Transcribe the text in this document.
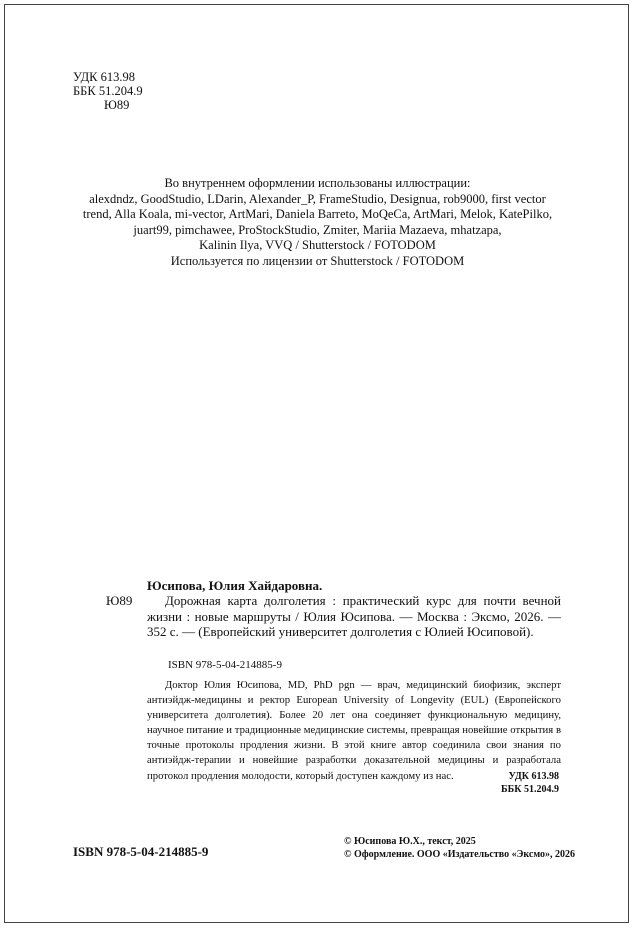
УДК 613.98
ББК 51.204.9
Ю89
Во внутреннем оформлении использованы иллюстрации:
alexdndz, GoodStudio, LDarin, Alexander_P, FrameStudio, Designua, rob9000, first vector
trend, Alla Koala, mi-vector, ArtMari, Daniela Barreto, MoQeCa, ArtMari, Melok, KatePilko,
juart99, pimchawee, ProStockStudio, Zmiter, Mariia Mazaeva, mhatzapa,
Kalinin Ilya, VVQ / Shutterstock / FOTODOM
Используется по лицензии от Shutterstock / FOTODOM
Юсипова, Юлия Хайдаровна.
Ю89	Дорожная карта долголетия : практический курс для почти вечной жизни : новые маршруты / Юлия Юсипова. — Москва : Эксмо, 2026. — 352 с. — (Европейский университет долголетия с Юлией Юсиповой).
ISBN 978-5-04-214885-9
Доктор Юлия Юсипова, MD, PhD pgn — врач, медицинский биофизик, эксперт антиэйдж-медицины и ректор European University of Longevity (EUL) (Европейского университета долголетия). Более 20 лет она соединяет функциональную медицину, научное питание и традиционные медицинские системы, превращая новейшие открытия в точные протоколы продления жизни. В этой книге автор соединила свои знания по антиэйдж-терапии и новейшие разработки доказательной медицины и разработала протокол продления молодости, который доступен каждому из нас.	УДК 613.98
ББК 51.204.9
ISBN 978-5-04-214885-9
© Юсипова Ю.Х., текст, 2025
© Оформление. ООО «Издательство «Эксмо», 2026
